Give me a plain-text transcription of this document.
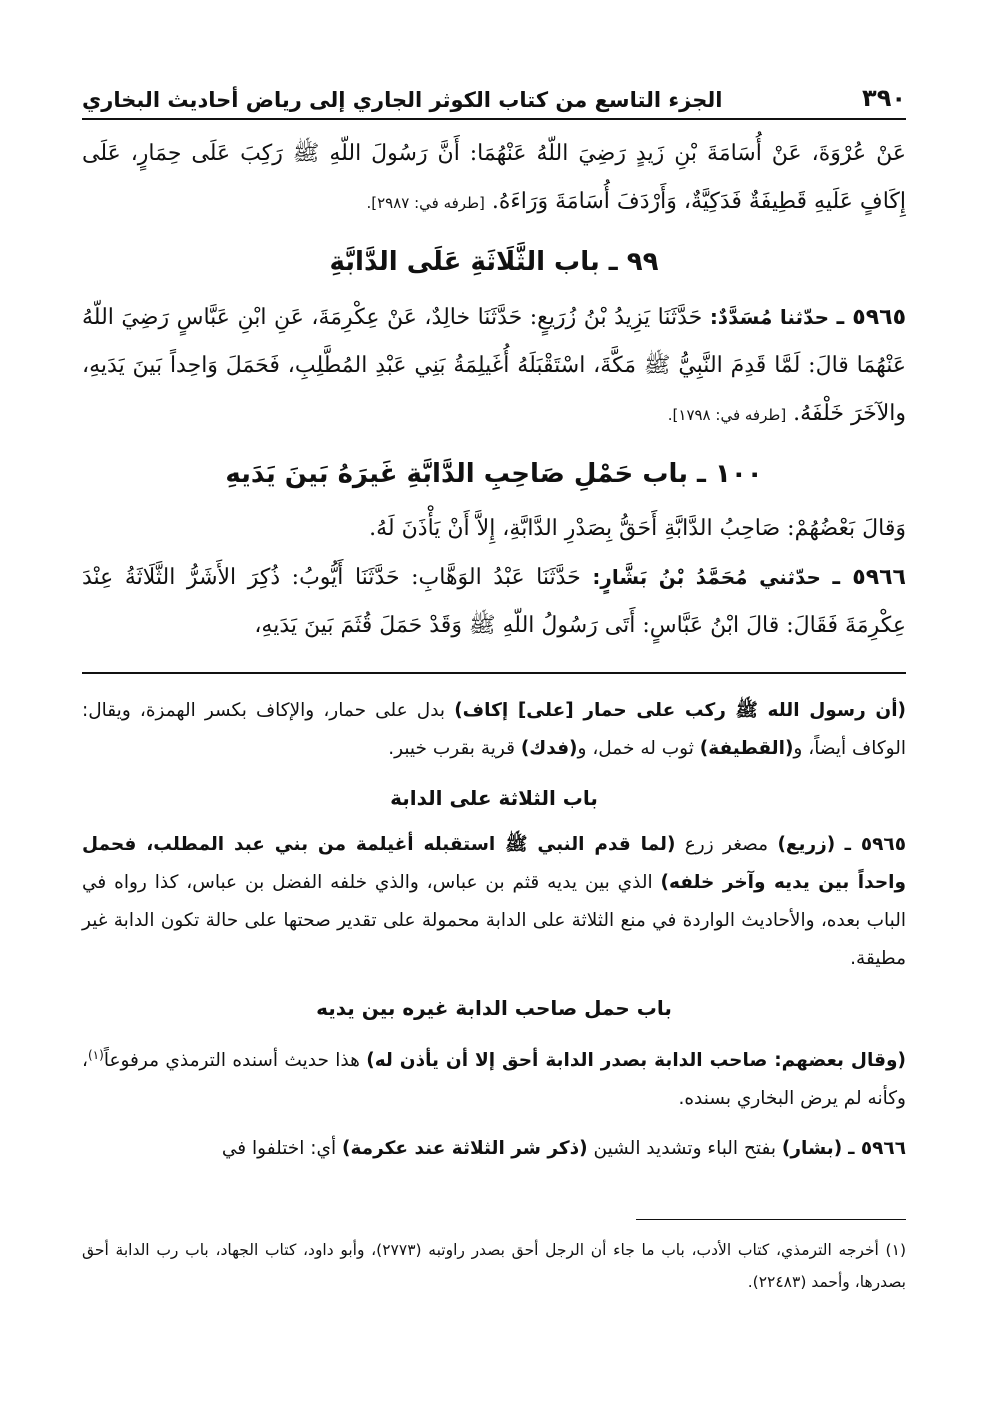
٣٩٠
الجزء التاسع من كتاب الكوثر الجاري إلى رياض أحاديث البخاري

عَنْ عُرْوَةَ، عَنْ أُسَامَةَ بْنِ زَيدٍ رَضِيَ اللّهُ عَنْهُمَا: أَنَّ رَسُولَ اللّهِ ﷺ رَكِبَ عَلَى حِمَارٍ، عَلَى إِكَافٍ عَلَيهِ قَطِيفَةٌ فَدَكِيَّةٌ، وَأَرْدَفَ أُسَامَةَ وَرَاءَهُ. [طرفه في: ٢٩٨٧].

٩٩ ـ باب الثَّلَاثَةِ عَلَى الدَّابَّةِ

٥٩٦٥ ـ حدّثنا مُسَدَّدٌ: حَدَّثَنَا يَزِيدُ بْنُ زُرَيعٍ: حَدَّثَنَا خالِدٌ، عَنْ عِكْرِمَةَ، عَنِ ابْنِ عَبَّاسٍ رَضِيَ اللّهُ عَنْهُمَا قالَ: لَمَّا قَدِمَ النَّبِيُّ ﷺ مَكَّةَ، اسْتَقْبَلَهُ أُغَيلِمَةُ بَنِي عَبْدِ المُطَّلِبِ، فَحَمَلَ وَاحِداً بَينَ يَدَيهِ، والآخَرَ خَلْفَهُ. [طرفه في: ١٧٩٨].

١٠٠ ـ باب حَمْلِ صَاحِبِ الدَّابَّةِ غَيرَهُ بَينَ يَدَيهِ

وَقالَ بَعْضُهُمْ: صَاحِبُ الدَّابَّةِ أَحَقُّ بِصَدْرِ الدَّابَّةِ، إِلاَّ أَنْ يَأْذَنَ لَهُ.

٥٩٦٦ ـ حدّثني مُحَمَّدُ بْنُ بَشَّارٍ: حَدَّثَنَا عَبْدُ الوَهَّابِ: حَدَّثَنَا أَيُّوبُ: ذُكِرَ الأَشَرُّ الثَّلَاثَةُ عِنْدَ عِكْرِمَةَ فَقَالَ: قالَ ابْنُ عَبَّاسٍ: أَتَى رَسُولُ اللّهِ ﷺ وَقَدْ حَمَلَ قُثَمَ بَينَ يَدَيهِ،

(أن رسول الله ﷺ ركب على حمار [على] إكاف) بدل على حمار، والإكاف بكسر الهمزة، ويقال: الوكاف أيضاً، و(القطيفة) ثوب له خمل، و(فدك) قرية بقرب خيبر.

باب الثلاثة على الدابة

٥٩٦٥ ـ (زريع) مصغر زرع (لما قدم النبي ﷺ استقبله أغيلمة من بني عبد المطلب، فحمل واحداً بين يديه وآخر خلفه) الذي بين يديه قثم بن عباس، والذي خلفه الفضل بن عباس، كذا رواه في الباب بعده، والأحاديث الواردة في منع الثلاثة على الدابة محمولة على تقدير صحتها على حالة تكون الدابة غير مطيقة.

باب حمل صاحب الدابة غيره بين يديه

(وقال بعضهم: صاحب الدابة بصدر الدابة أحق إلا أن يأذن له) هذا حديث أسنده الترمذي مرفوعاً$^{(١)}$، وكأنه لم يرض البخاري بسنده.

٥٩٦٦ ـ (بشار) بفتح الباء وتشديد الشين (ذكر شر الثلاثة عند عكرمة) أي: اختلفوا في

(١) أخرجه الترمذي، كتاب الأدب، باب ما جاء أن الرجل أحق بصدر راوتبه (٢٧٧٣)، وأبو داود، كتاب الجهاد، باب رب الدابة أحق بصدرها، وأحمد (٢٢٤٨٣).
